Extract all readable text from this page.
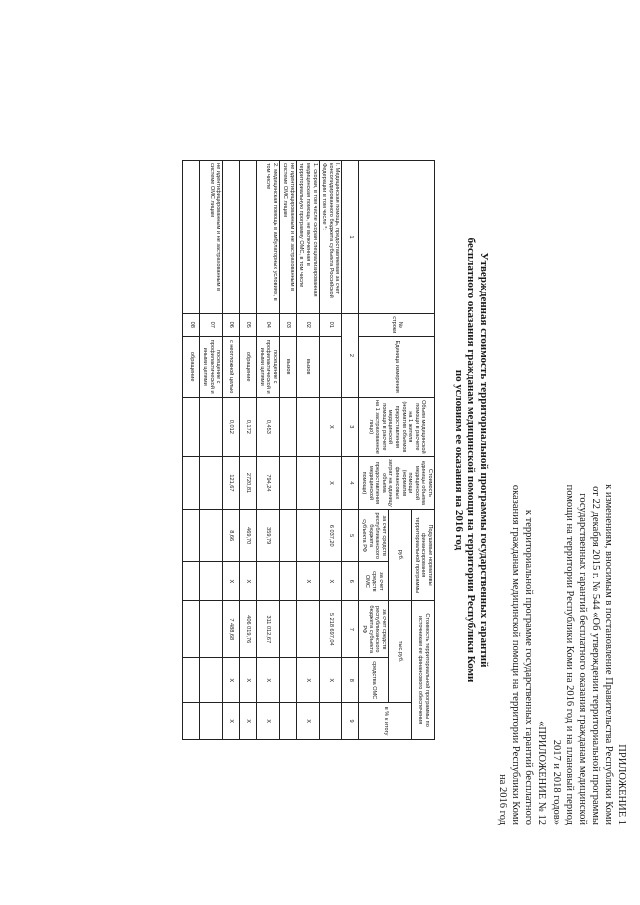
ПРИЛОЖЕНИЕ 1
к изменениям, вносимым в постановление Правительства Республики Коми
от 22 декабря 2015 г. № 544 «Об утверждении территориальной программы
государственных гарантий бесплатного оказания гражданам медицинской
помощи на территории Республики Коми на 2016 год и на плановый период
2017 и 2018 годов»
«ПРИЛОЖЕНИЕ № 12
к территориальной программе государственных гарантий бесплатного
оказания гражданам медицинской помощи на территории Республики Коми
на 2016 год
Утвержденная стоимость территориальной программы государственных гарантий
бесплатного оказания гражданам медицинской помощи на территории Республики Коми
по условиям ее оказания на 2016 год
	№ строки	Единица измерения	Объем медицинской помощи в расчете на 1 жителя (норматив объемов предоставления медицинской помощи в расчете на 1 застрахованное лицо)	Стоимость единицы объема медицинской помощи (норматив финансовых затрат на единицу объема предоставления медицинской помощи)	Подушевые нормативы финансирования территориальной программы		Стоимость территориальной программы по источникам ее финансового обеспечения		
					руб.		тыс.руб.		в % к итогу
					за счет средств республиканского бюджета субъекта РФ	за счет средств ОМС	за счет средств республиканского бюджета субъекта РФ	средства ОМС	
1	2		3	4	5	6	7	8	9
I. Медицинская помощь, предоставляемая за счет консолидированного бюджета субъекта Российской Федерации в том числе *:	01		X	X	6 037,20	X	5 218 697,04	X	
1. скорая, в том числе скорая специализированная медицинская помощь, не включенная в территориальную программу ОМС, в том числе	02	вызов				X		X	X
не идентифицированным и не застрахованным в системе ОМС лицам	03	вызов							
2. медицинская помощь в амбулаторных условиях, в том числе	04	посещение с профилактической и иными целями	0,453	794,24	359,79		311 012,67	X	X
	05	обращение	0,172	2720,81	469,70	X	406 019,76	X	X
	06	с неотложной целью	0,012	121,67	8,66	X	7 488,68	X	X
не идентифицированным и не застрахованным в системе ОМС лицам	07	посещение с профилактической и иными целями							
	08	обращение							
